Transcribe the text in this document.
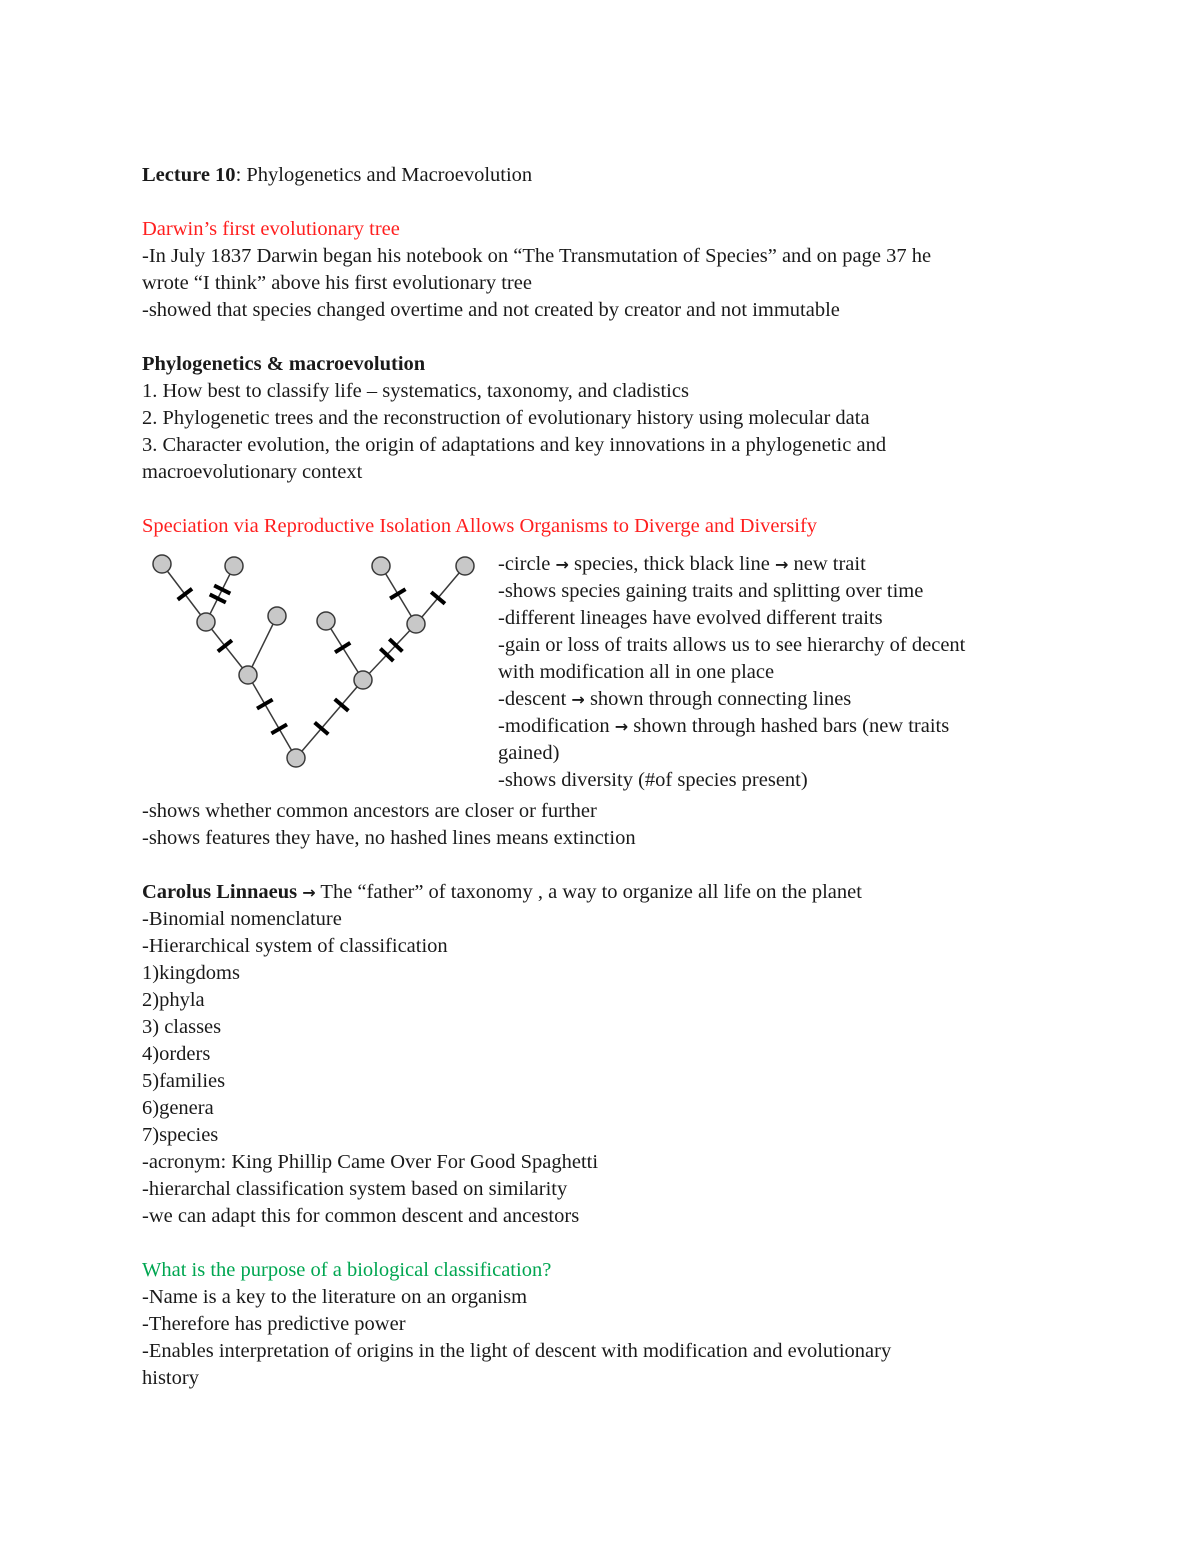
Lecture 10: Phylogenetics and Macroevolution

Darwin’s first evolutionary tree

-In July 1837 Darwin began his notebook on “The Transmutation of Species” and on page 37 he

wrote “I think” above his first evolutionary tree

-showed that species changed overtime and not created by creator and not immutable

Phylogenetics & macroevolution

1. How best to classify life – systematics, taxonomy, and cladistics

2. Phylogenetic trees and the reconstruction of evolutionary history using molecular data

3. Character evolution, the origin of adaptations and key innovations in a phylogenetic and

macroevolutionary context

Speciation via Reproductive Isolation Allows Organisms to Diverge and Diversify

-circle → species, thick black line → new trait

-shows species gaining traits and splitting over time

-different lineages have evolved different traits

-gain or loss of traits allows us to see hierarchy of decent

with modification all in one place

-descent → shown through connecting lines

-modification → shown through hashed bars (new traits

gained)

-shows diversity (#of species present)

-shows whether common ancestors are closer or further

-shows features they have, no hashed lines means extinction

Carolus Linnaeus → The “father” of taxonomy , a way to organize all life on the planet

-Binomial nomenclature

-Hierarchical system of classification

1)kingdoms

2)phyla

3) classes

4)orders

5)families

6)genera

7)species

-acronym: King Phillip Came Over For Good Spaghetti

-hierarchal classification system based on similarity

-we can adapt this for common descent and ancestors

What is the purpose of a biological classification?

-Name is a key to the literature on an organism

-Therefore has predictive power

-Enables interpretation of origins in the light of descent with modification and evolutionary

history
